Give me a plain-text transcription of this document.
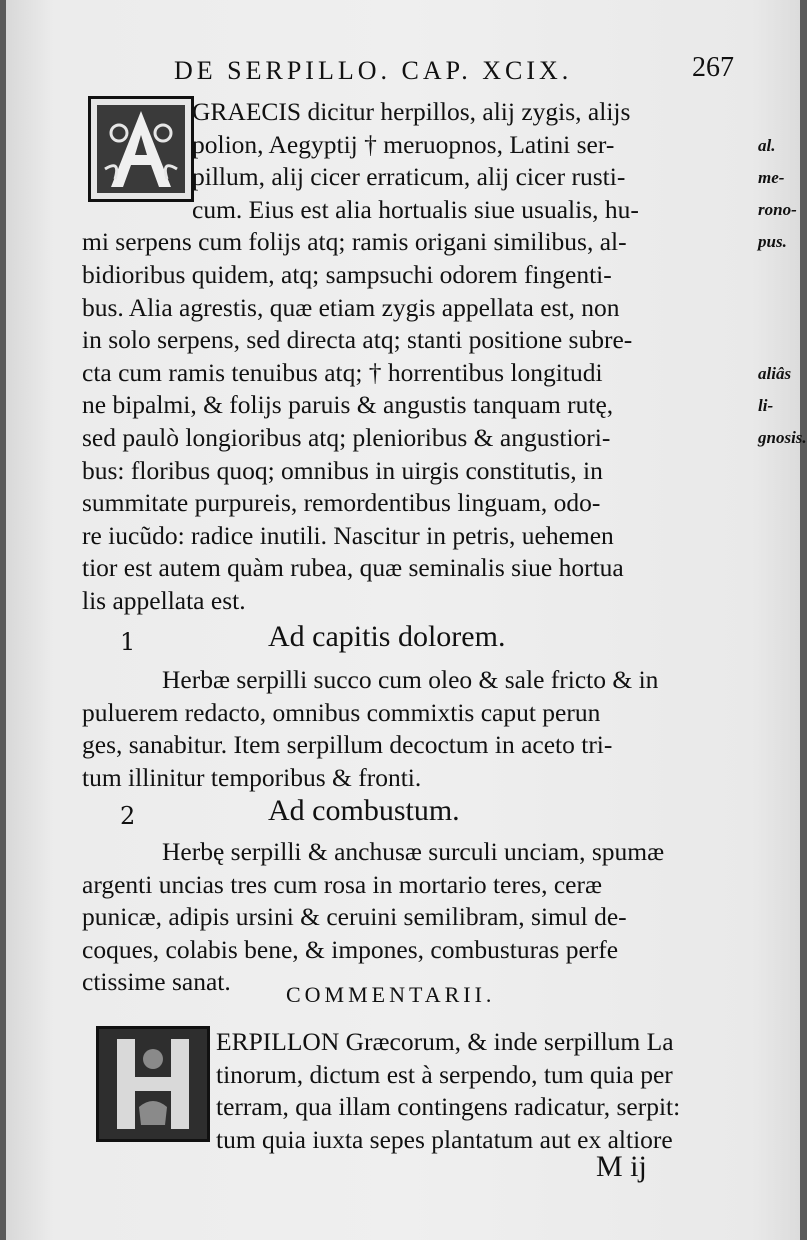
DE SERPILLO. CAP. XCIX.	267
GRAECIS dicitur herpillos, alij zygis, alijs
polion, Aegyptij † meruopnos, Latini ser-
pillum, alij cicer erraticum, alij cicer rusti-
cum. Eius est alia hortualis siue usualis, hu-
mi serpens cum folijs atq; ramis origani similibus, al-
bidioribus quidem, atq; sampsuchi odorem fingenti-
bus. Alia agrestis, quæ etiam zygis appellata est, non
in solo serpens, sed directa atq; stanti positione subre-
cta cum ramis tenuibus atq; † horrentibus longitudi
ne bipalmi, & folijs paruis & angustis tanquam rutę,
sed paulò longioribus atq; plenioribus & angustiori-
bus: floribus quoq; omnibus in uirgis constitutis, in
summitate purpureis, remordentibus linguam, odo-
re iucũdo: radice inutili. Nascitur in petris, uehemen
tior est autem quàm rubea, quæ seminalis siue hortua
lis appellata est.
al. me-
rono-
pus.
aliâs li-
gnosis.
1	Ad capitis dolorem.
Herbæ serpilli succo cum oleo & sale fricto & in
puluerem redacto, omnibus commixtis caput perun
ges, sanabitur. Item serpillum decoctum in aceto tri-
tum illinitur temporibus & fronti.
2	Ad combustum.
Herbę serpilli & anchusæ surculi unciam, spumæ
argenti uncias tres cum rosa in mortario teres, ceræ
punicæ, adipis ursini & ceruini semilibram, simul de-
coques, colabis bene, & impones, combusturas perfe
ctissime sanat.	COMMENTARII.
ERPILLON Græcorum, & inde serpillum La
tinorum, dictum est à serpendo, tum quia per
terram, qua illam contingens radicatur, serpit:
tum quia iuxta sepes plantatum aut ex altiore
M ij
